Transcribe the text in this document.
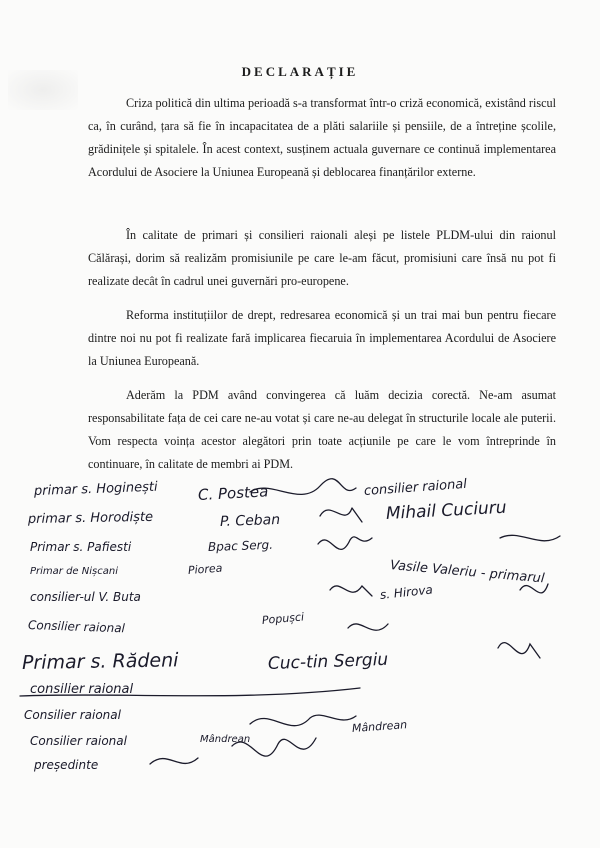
DECLARAȚIE

Criza politică din ultima perioadă s-a transformat într-o criză economică, existând riscul ca, în curând, țara să fie în incapacitatea de a plăti salariile și pensiile, de a întreține școlile, grădinițele și spitalele. În acest context, susținem actuala guvernare ce continuă implementarea Acordului de Asociere la Uniunea Europeană și deblocarea finanțărilor externe.

În calitate de primari și consilieri raionali aleși pe listele PLDM-ului din raionul Călărași, dorim să realizăm promisiunile pe care le-am făcut, promisiuni care însă nu pot fi realizate decât în cadrul unei guvernări pro-europene.

Reforma instituțiilor de drept, redresarea economică și un trai mai bun pentru fiecare dintre noi nu pot fi realizate fară implicarea fiecaruia în implementarea Acordului de Asociere la Uniunea Europeană.

Aderăm la PDM având convingerea că luăm decizia corectă. Ne-am asumat responsabilitate fața de cei care ne-au votat și care ne-au delegat în structurile locale ale puterii. Vom respecta voința acestor alegători prin toate acțiunile pe care le vom întreprinde în continuare, în calitate de membri ai PDM.

primar s. Hoginești	C. Postea	consilier raional
primar s. Horodiște	P. Ceban	Mihail Cuciuru
Primar s. Pafiesti	Bpac Serg.
Primar de Nișcani	Piorea	Vasile Valeriu - primarul
consilier-ul V. Buta	s. Hirova
Consilier raional	Popușci
Primar s. Rădeni	Cuc-tin Sergiu
consilier raional
Consilier raional
Consilier raional	Mândrean
Mândrean
președinte
